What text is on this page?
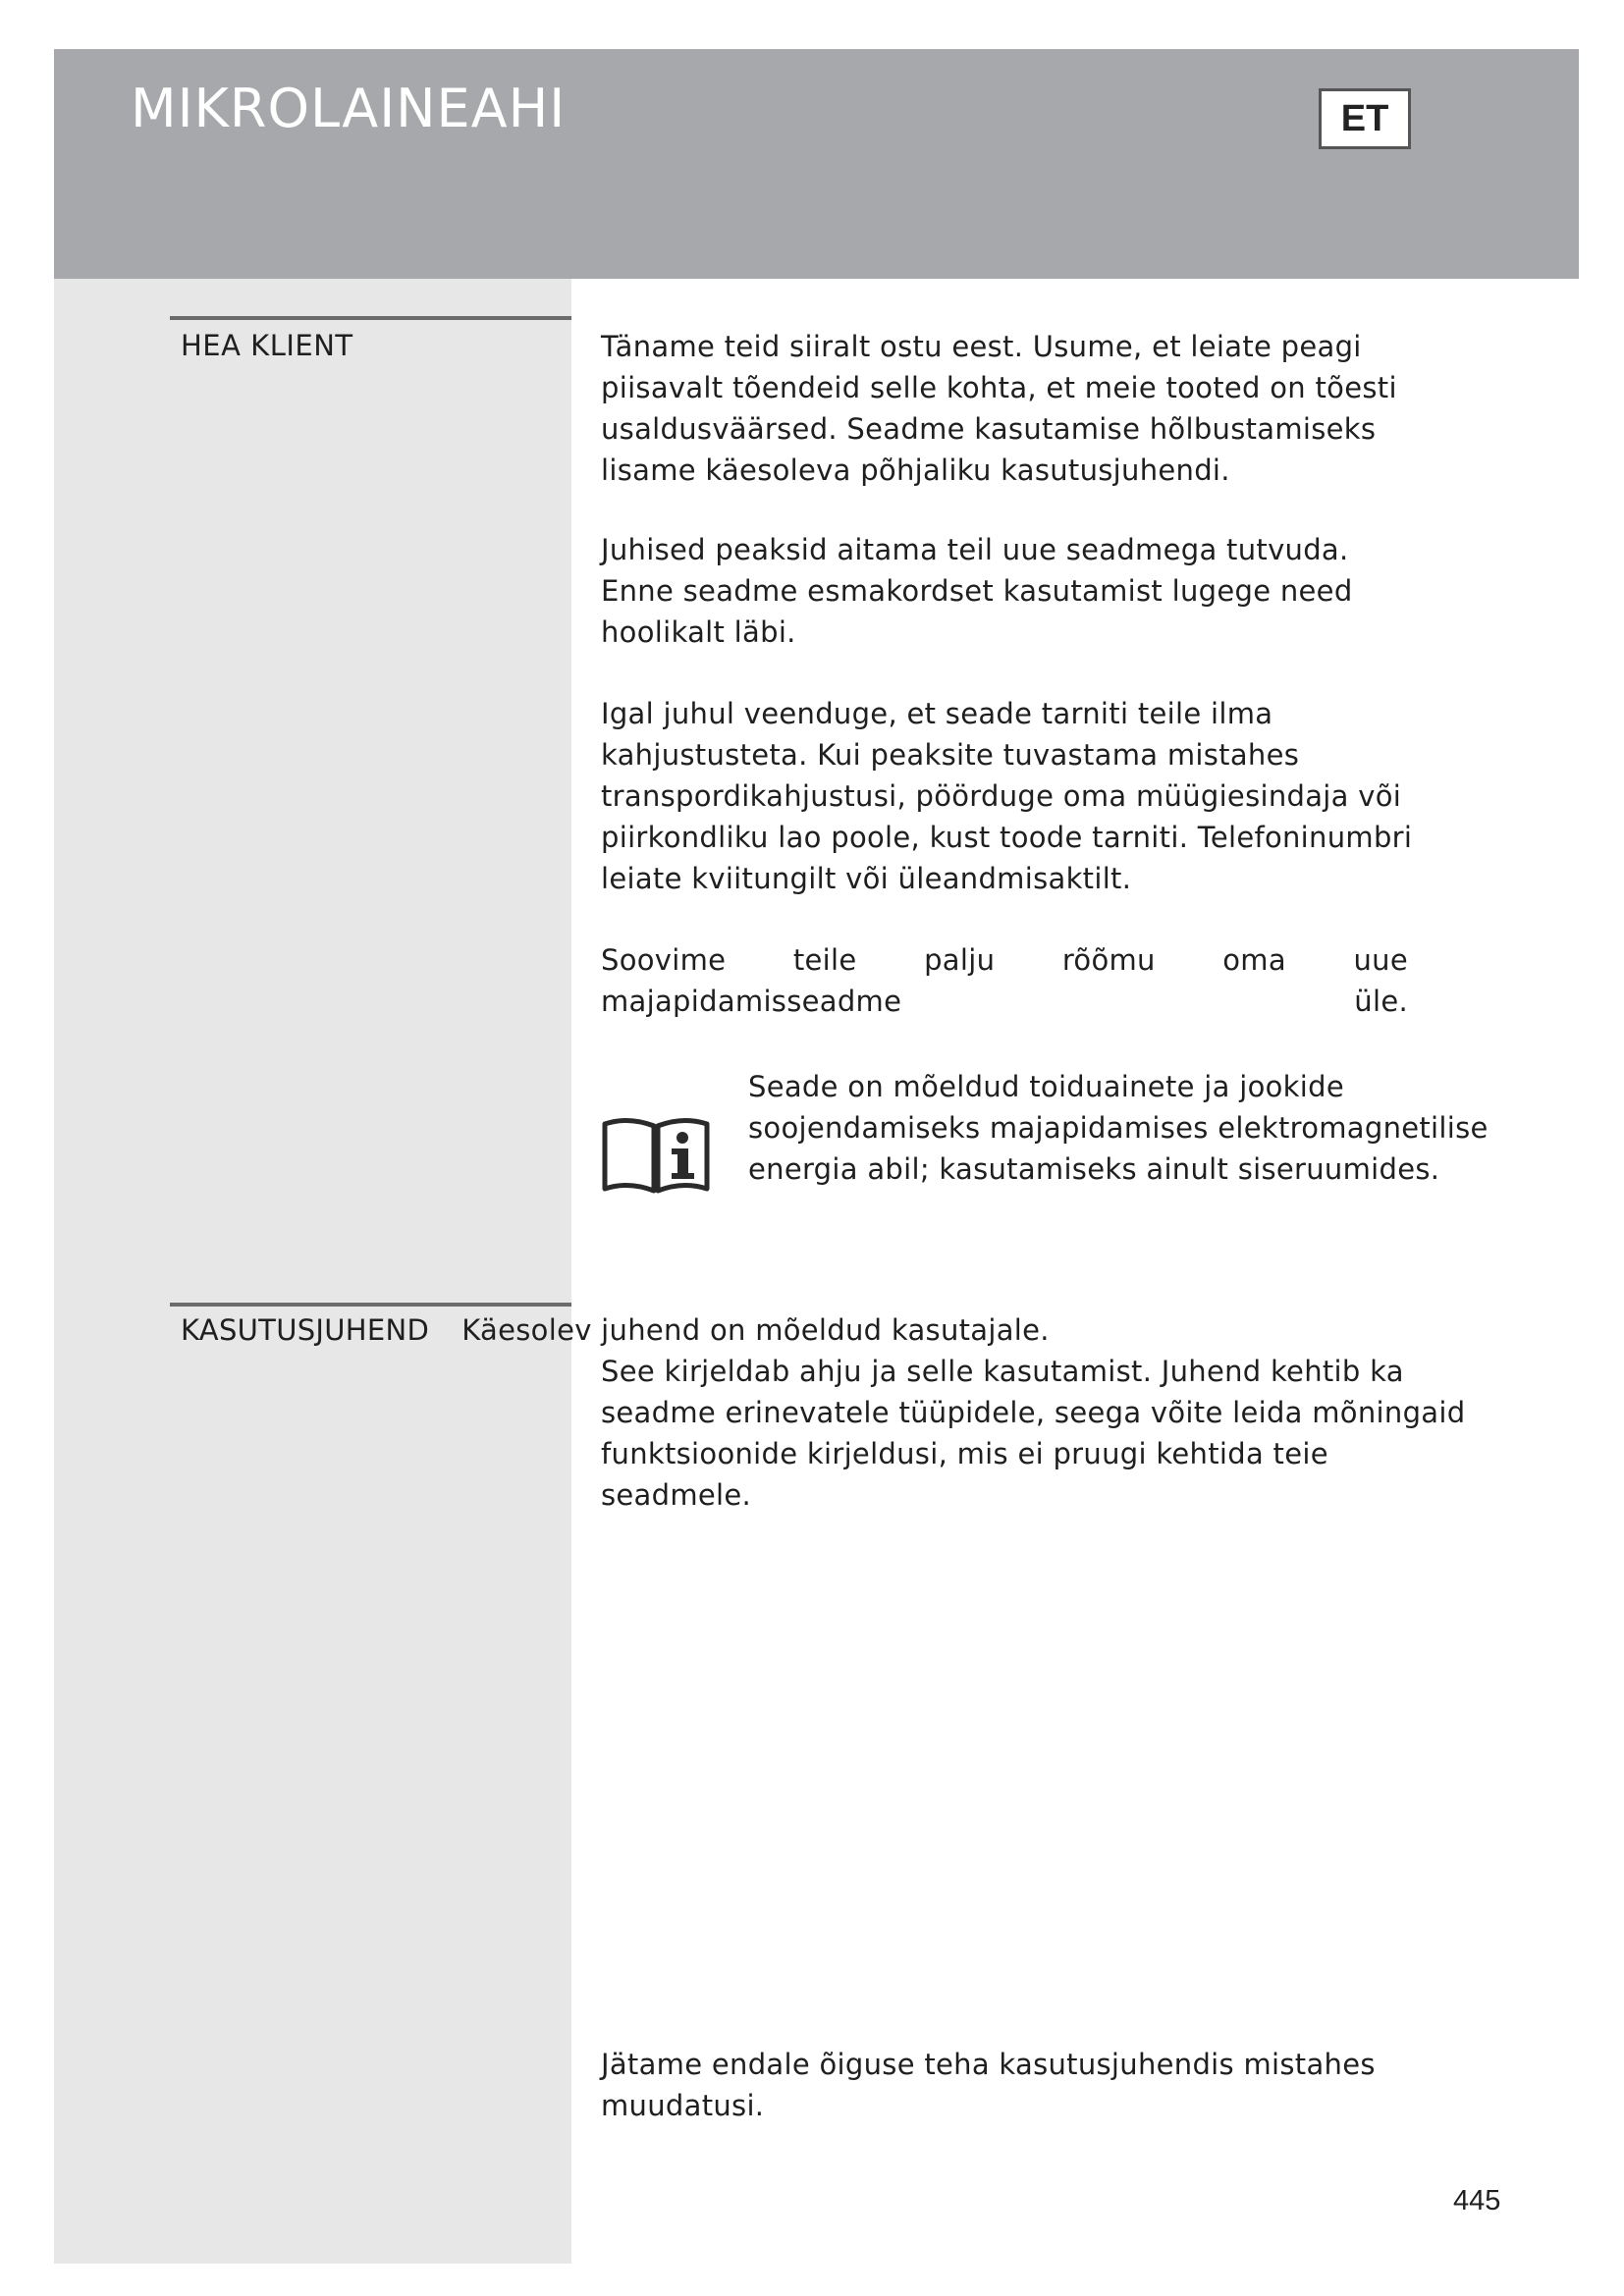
MIKROLAINEAHI	ET
HEA KLIENT	Täname teid siiralt ostu eest. Usume, et leiate peagi piisavalt tõendeid selle kohta, et meie tooted on tõesti usaldusväärsed. Seadme kasutamise hõlbustamiseks lisame käesoleva põhjaliku kasutusjuhendi.

Juhised peaksid aitama teil uue seadmega tutvuda. Enne seadme esmakordset kasutamist lugege need hoolikalt läbi.

Igal juhul veenduge, et seade tarniti teile ilma kahjustusteta. Kui peaksite tuvastama mistahes transpordikahjustusi, pöörduge oma müügiesindaja või piirkondliku lao poole, kust toode tarniti. Telefoninumbri leiate kviitungilt või üleandmisaktilt.

Soovime teile palju rõõmu oma uue majapidamisseadme üle.

Seade on mõeldud toiduainete ja jookide soojendamiseks majapidamises elektromagnetilise energia abil; kasutamiseks ainult siseruumides.

KASUTUSJUHEND Käesolev juhend on mõeldud kasutajale.

See kirjeldab ahju ja selle kasutamist. Juhend kehtib ka seadme erinevatele tüüpidele, seega võite leida mõningaid funktsioonide kirjeldusi, mis ei pruugi kehtida teie seadmele.

Jätame endale õiguse teha kasutusjuhendis mistahes muudatusi.

445
